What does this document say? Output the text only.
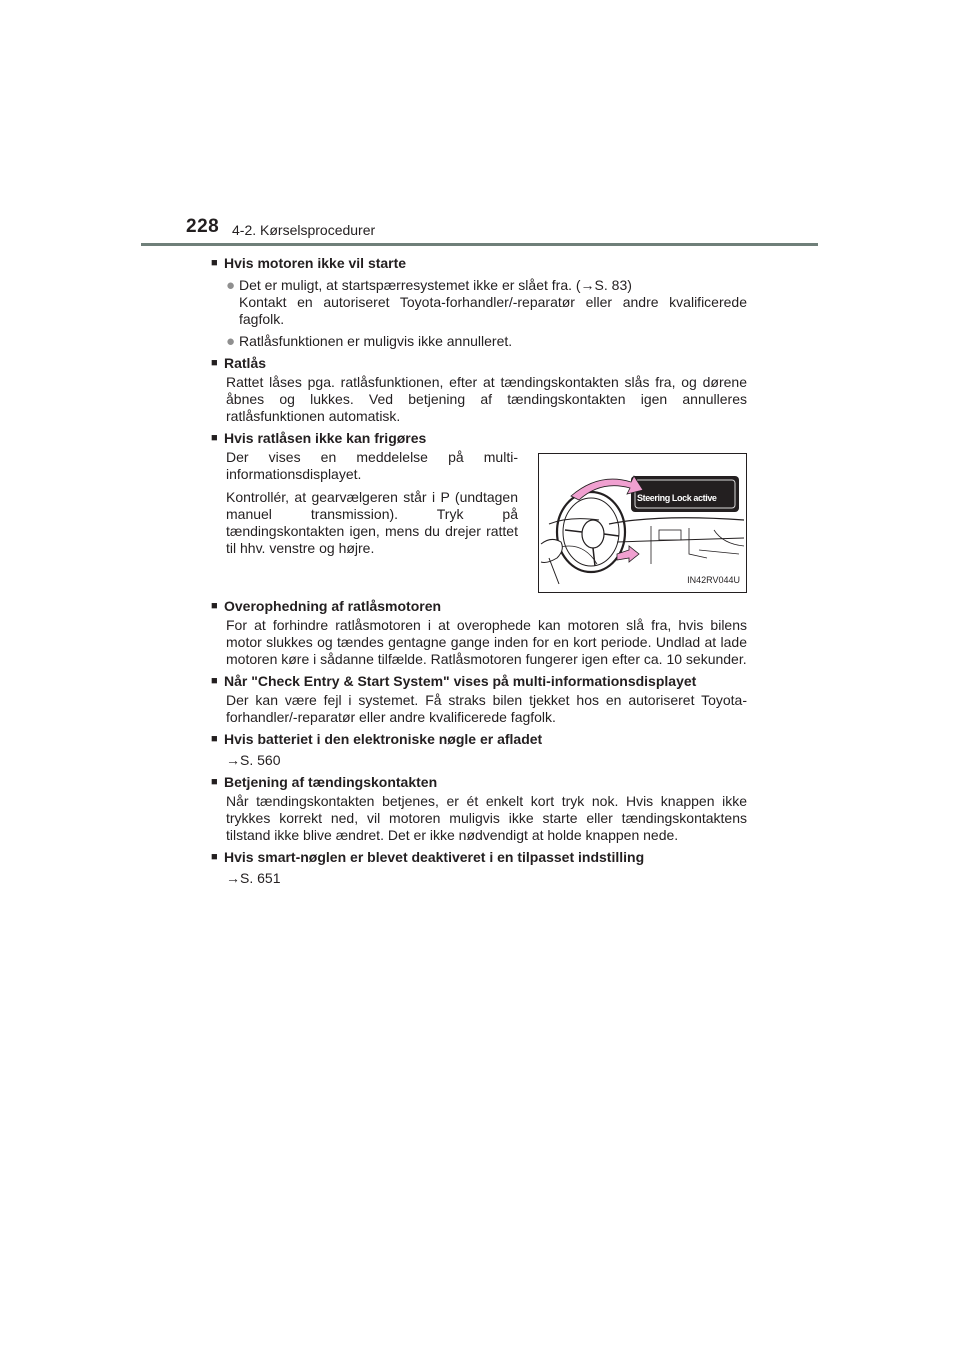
228 4-2. Kørselsprocedurer
■ Hvis motoren ikke vil starte
● Det er muligt, at startspærresystemet ikke er slået fra. (→S. 83)
Kontakt en autoriseret Toyota-forhandler/-reparatør eller andre kvalificerede fagfolk.
● Ratlåsfunktionen er muligvis ikke annulleret.
■ Ratlås
Rattet låses pga. ratlåsfunktionen, efter at tændingskontakten slås fra, og dørene åbnes og lukkes. Ved betjening af tændingskontakten igen annulleres ratlåsfunktionen automatisk.
■ Hvis ratlåsen ikke kan frigøres

Der vises en meddelelse på multi-informationsdisplayet.

Kontrollér, at gearvælgeren står i P (undtagen manuel transmission). Tryk på tændingskontakten igen, mens du drejer rattet til hhv. venstre og højre.

Steering Lock active
IN42RV044U
■ Overophedning af ratlåsmotoren
For at forhindre ratlåsmotoren i at overophede kan motoren slå fra, hvis bilens motor slukkes og tændes gentagne gange inden for en kort periode. Undlad at lade motoren køre i sådanne tilfælde. Ratlåsmotoren fungerer igen efter ca. 10 sekunder.
■ Når "Check Entry & Start System" vises på multi-informationsdisplayet
Der kan være fejl i systemet. Få straks bilen tjekket hos en autoriseret Toyota-forhandler/-reparatør eller andre kvalificerede fagfolk.
■ Hvis batteriet i den elektroniske nøgle er afladet
→S. 560
■ Betjening af tændingskontakten
Når tændingskontakten betjenes, er ét enkelt kort tryk nok. Hvis knappen ikke trykkes korrekt ned, vil motoren muligvis ikke starte eller tændingskontaktens tilstand ikke blive ændret. Det er ikke nødvendigt at holde knappen nede.
■ Hvis smart-nøglen er blevet deaktiveret i en tilpasset indstilling
→S. 651
